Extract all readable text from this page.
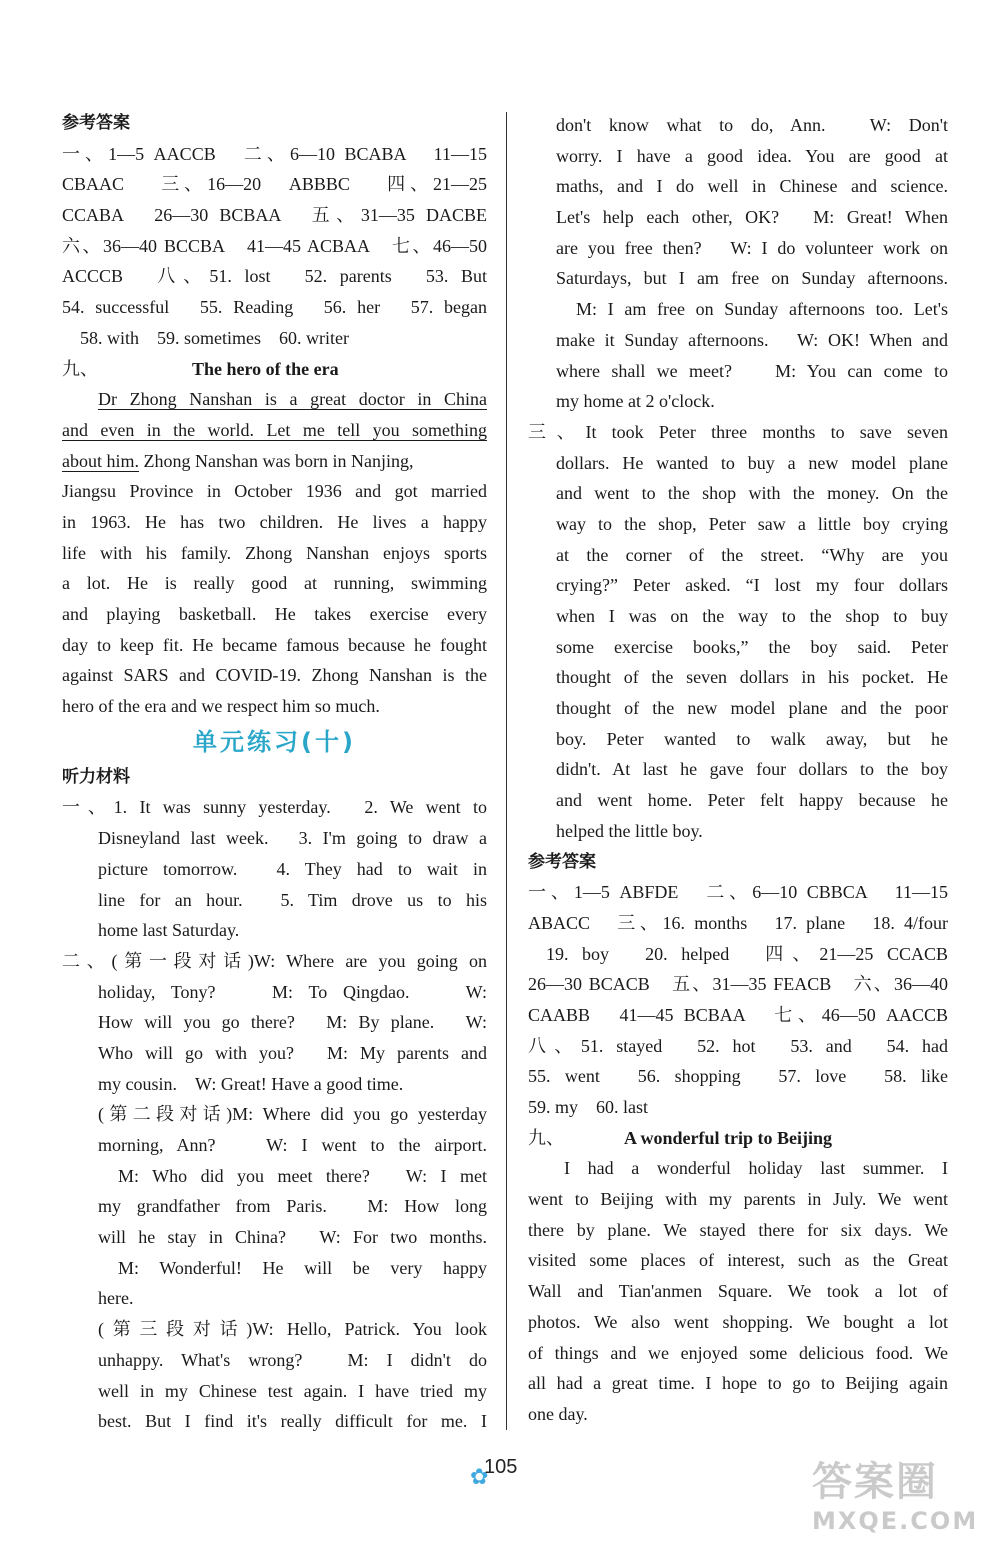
参考答案
一、1—5 AACCB　二、6—10 BCABA　11—15
CBAAC　 三、16—20　ABBBC　 四、21—25
CCABA　26—30 BCBAA　五、31—35 DACBE
六、36—40 BCCBA　41—45 ACBAA　七、46—50
ACCCB　八、51. lost　52. parents　53. But
54. successful　55. Reading　56. her　57. began
58. with　59. sometimes　60. writer
九、	The hero of the era
Dr Zhong Nanshan is a great doctor in China
and even in the world. Let me tell you something
about him. Zhong Nanshan was born in Nanjing,
Jiangsu Province in October 1936 and got married
in 1963. He has two children. He lives a happy
life with his family. Zhong Nanshan enjoys sports
a lot. He is really good at running, swimming
and playing basketball. He takes exercise every
day to keep fit. He became famous because he fought
against SARS and COVID-19. Zhong Nanshan is the
hero of the era and we respect him so much.
单元练习(十)
听力材料
一、1. It was sunny yesterday.　2. We went to
Disneyland last week.　3. I'm going to draw a
picture tomorrow.　4. They had to wait in
line for an hour.　5. Tim drove us to his
home last Saturday.
二、(第一段对话)W: Where are you going on
holiday, Tony?　 M: To Qingdao.　 W:
How will you go there?　M: By plane.　W:
Who will go with you?　M: My parents and
my cousin.　W: Great! Have a good time.
(第二段对话)M: Where did you go yesterday
morning, Ann?　 W: I went to the airport.
M: Who did you meet there?　W: I met
my grandfather from Paris.　M: How long
will he stay in China?　W: For two months.
M: Wonderful! He will be very happy
here.
(第三段对话)W: Hello, Patrick. You look
unhappy. What's wrong?　M: I didn't do
well in my Chinese test again. I have tried my
best. But I find it's really difficult for me. I
don't know what to do, Ann.　W: Don't
worry. I have a good idea. You are good at
maths, and I do well in Chinese and science.
Let's help each other, OK?　M: Great! When
are you free then?　W: I do volunteer work on
Saturdays, but I am free on Sunday afternoons.
M: I am free on Sunday afternoons too. Let's
make it Sunday afternoons.　W: OK! When and
where shall we meet?　 M: You can come to
my home at 2 o'clock.
三、It took Peter three months to save seven
dollars. He wanted to buy a new model plane
and went to the shop with the money. On the
way to the shop, Peter saw a little boy crying
at the corner of the street. “Why are you
crying?” Peter asked. “I lost my four dollars
when I was on the way to the shop to buy
some exercise books,” the boy said. Peter
thought of the seven dollars in his pocket. He
thought of the new model plane and the poor
boy. Peter wanted to walk away, but he
didn't. At last he gave four dollars to the boy
and went home. Peter felt happy because he
helped the little boy.
参考答案
一、1—5 ABFDE　二、6—10 CBBCA　11—15
ABACC　三、16. months　17. plane　18. 4/four
19. boy　20. helped　四、21—25 CCACB
26—30 BCACB　五、31—35 FEACB　六、36—40
CAABB　41—45 BCBAA　七、46—50 AACCB
八、51. stayed　52. hot　53. and　54. had
55. went　56. shopping　57. love　58. like
59. my　60. last
九、	A wonderful trip to Beijing
I had a wonderful holiday last summer. I
went to Beijing with my parents in July. We went
there by plane. We stayed there for six days. We
visited some places of interest, such as the Great
Wall and Tian'anmen Square. We took a lot of
photos. We also went shopping. We bought a lot
of things and we enjoyed some delicious food. We
all had a great time. I hope to go to Beijing again
one day.
✿
105	答案圈
MXQE.COM
